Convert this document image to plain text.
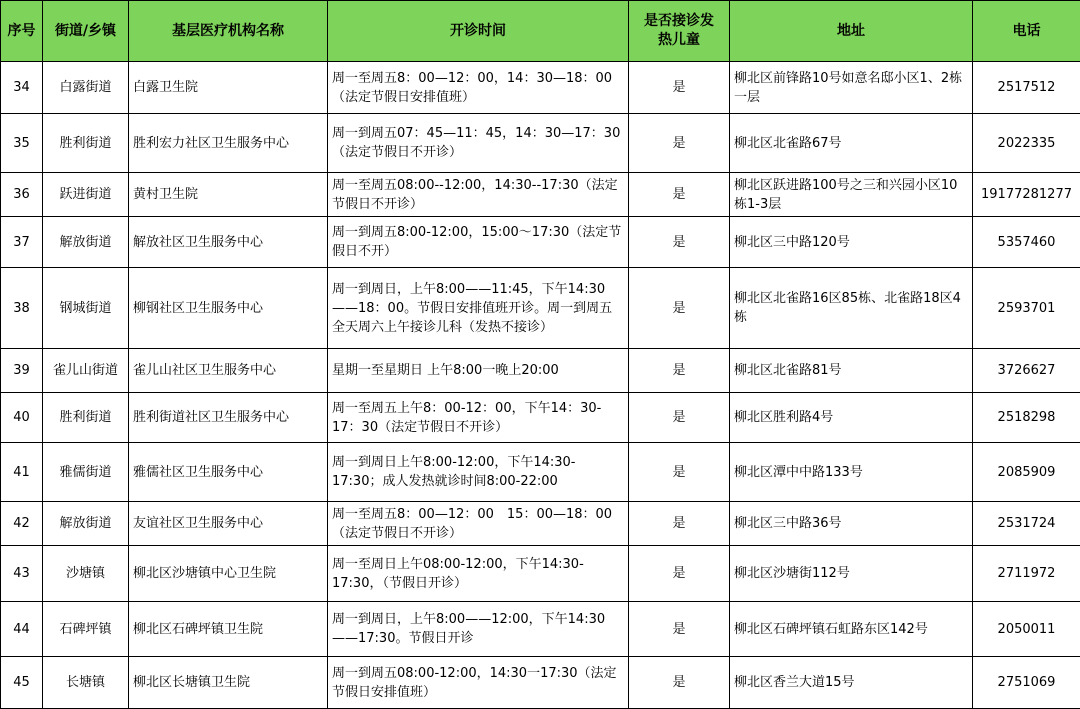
序号	街道/乡镇	基层医疗机构名称	开诊时间	是否接诊发热儿童	地址	电话
34	白露街道	白露卫生院	周一至周五8：00—12：00，14：30—18：00（法定节假日安排值班）	是	柳北区前锋路10号如意名邸小区1、2栋一层	2517512
35	胜利街道	胜利宏力社区卫生服务中心	周一到周五07：45—11：45，14：30—17：30（法定节假日不开诊）	是	柳北区北雀路67号	2022335
36	跃进街道	黄村卫生院	周一至周五08:00--12:00，14:30--17:30（法定节假日不开诊）	是	柳北区跃进路100号之三和兴园小区10栋1-3层	19177281277
37	解放街道	解放社区卫生服务中心	周一到周五8:00-12:00，15:00～17:30（法定节假日不开）	是	柳北区三中路120号	5357460
38	钢城街道	柳钢社区卫生服务中心	周一到周日，上午8:00——11:45，下午14:30——18：00。节假日安排值班开诊。周一到周五全天周六上午接诊儿科（发热不接诊）	是	柳北区北雀路16区85栋、北雀路18区4栋	2593701
39	雀儿山街道	雀儿山社区卫生服务中心	星期一至星期日 上午8:00一晚上20:00	是	柳北区北雀路81号	3726627
40	胜利街道	胜利街道社区卫生服务中心	周一至周五上午8：00-12：00，下午14：30-17：30（法定节假日不开诊）	是	柳北区胜利路4号	2518298
41	雅儒街道	雅儒社区卫生服务中心	周一到周日上午8:00-12:00，下午14:30-17:30；成人发热就诊时间8:00-22:00	是	柳北区潭中中路133号	2085909
42	解放街道	友谊社区卫生服务中心	周一至周五8：00—12：00　15：00—18：00（法定节假日不开诊）	是	柳北区三中路36号	2531724
43	沙塘镇	柳北区沙塘镇中心卫生院	周一至周日上午08:00-12:00，下午14:30-17:30，（节假日开诊）	是	柳北区沙塘街112号	2711972
44	石碑坪镇	柳北区石碑坪镇卫生院	周一到周日，上午8:00——12:00，下午14:30——17:30。节假日开诊	是	柳北区石碑坪镇石虹路东区142号	2050011
45	长塘镇	柳北区长塘镇卫生院	周一到周五08:00-12:00，14:30一17:30（法定节假日安排值班）	是	柳北区香兰大道15号	2751069
